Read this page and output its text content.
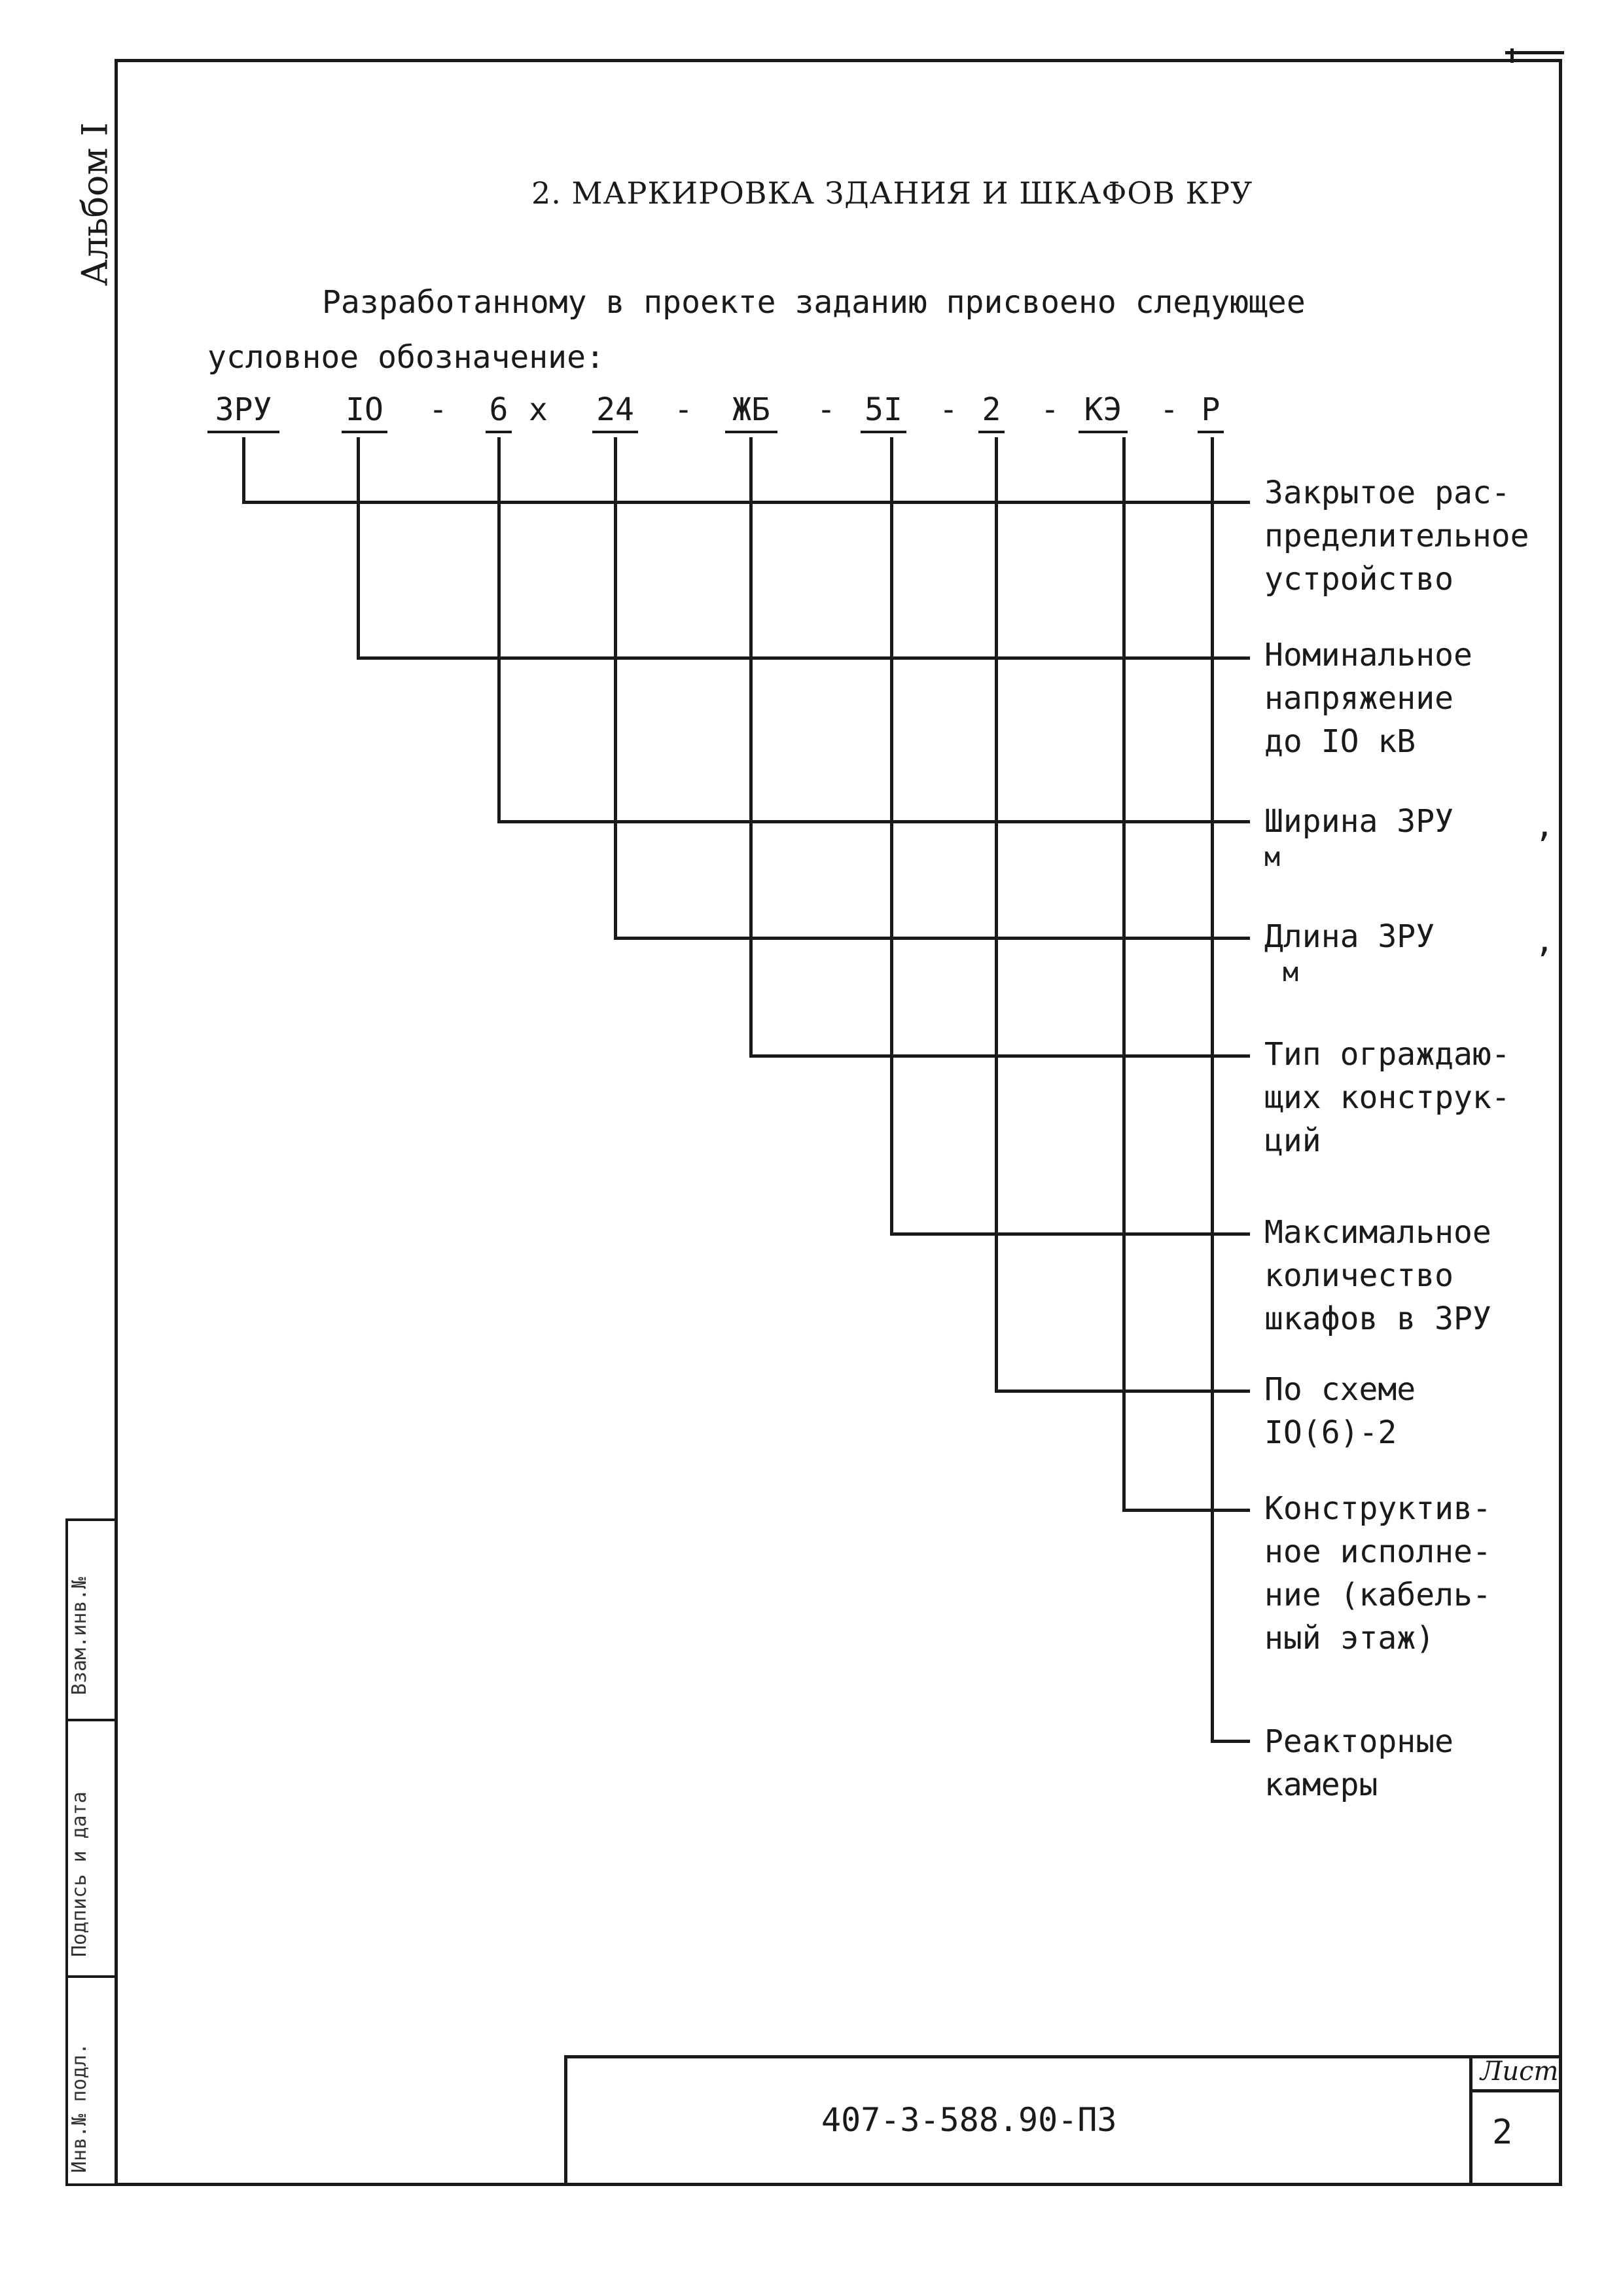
Альбом I	2. МАРКИРОВКА ЗДАНИЯ И ШКАФОВ КРУ
Разработанному в проекте заданию присвоено следующее
условное обозначение:
ЗРУ IO - 6 x 24 - ЖБ - 5I - 2 - КЭ - Р
Закрытое рас-
пределительное
устройство
Номинальное
напряжение
до IO кВ
Ширина ЗРУ
м
,
Длина ЗРУ
м
,
Тип ограждаю-
щих конструк-
ций
Максимальное
количество
шкафов в ЗРУ
По схеме
IO(6)-2
Конструктив-
ное исполне-
ние (кабель-
ный этаж)
Реакторные
камеры
Взам.инв.№
Подпись и дата
Инв.№ подл.	407-3-588.90-ПЗ
Лист
2
